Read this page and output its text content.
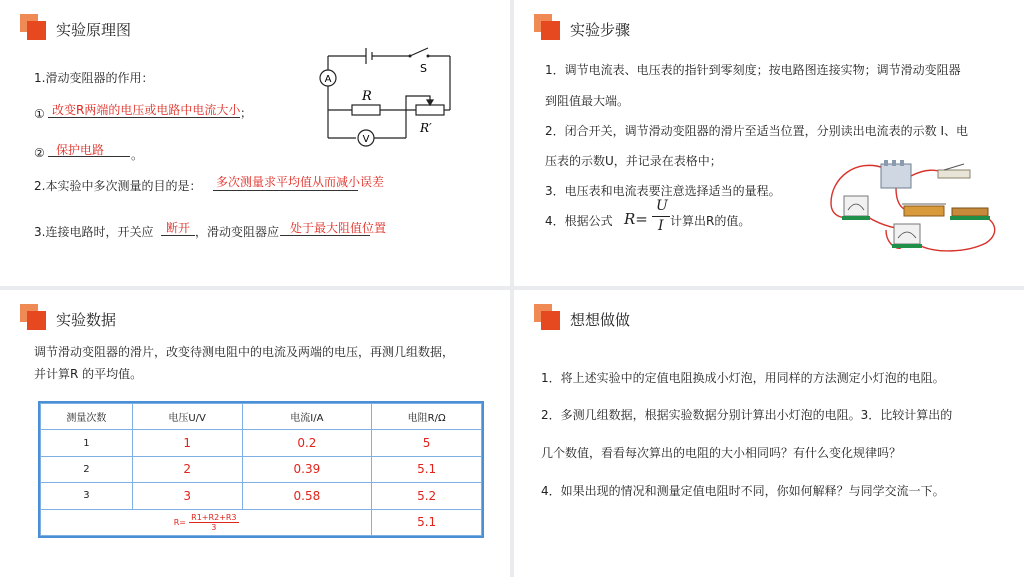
实验原理图
1.滑动变阻器的作用：
① 改变R两端的电压或电路中电流大小 ；
② 保护电路 。
2.本实验中多次测量的目的是： 多次测量求平均值从而减小误差
3.连接电路时，开关应 断开 ，滑动变阻器应 处于最大阻值位置
A
V
S
R
R′
实验步骤
1．调节电流表、电压表的指针到零刻度；按电路图连接实物；调节滑动变阻器
到阻值最大端。
2．闭合开关，调节滑动变阻器的滑片至适当位置，分别读出电流表的示数 I、电
压表的示数U，并记录在表格中；
3．电压表和电流表要注意选择适当的量程。
4．根据公式 R=
U
I 计算出R的值。
实验数据
调节滑动变阻器的滑片，改变待测电阻中的电流及两端的电压，再测几组数据，
并计算R 的平均值。
测量次数	电压U/V	电流I/A	电阻R/Ω
1	1	0.2	5
2	2	0.39	5.1
3	3	0.58	5.2
$R= \frac{R1+R2+R3}{3}$			5.1
想想做做
1．将上述实验中的定值电阻换成小灯泡，用同样的方法测定小灯泡的电阻。
2．多测几组数据，根据实验数据分别计算出小灯泡的电阻。3．比较计算出的
几个数值，看看每次算出的电阻的大小相同吗？有什么变化规律吗？
4．如果出现的情况和测量定值电阻时不同，你如何解释？与同学交流一下。
